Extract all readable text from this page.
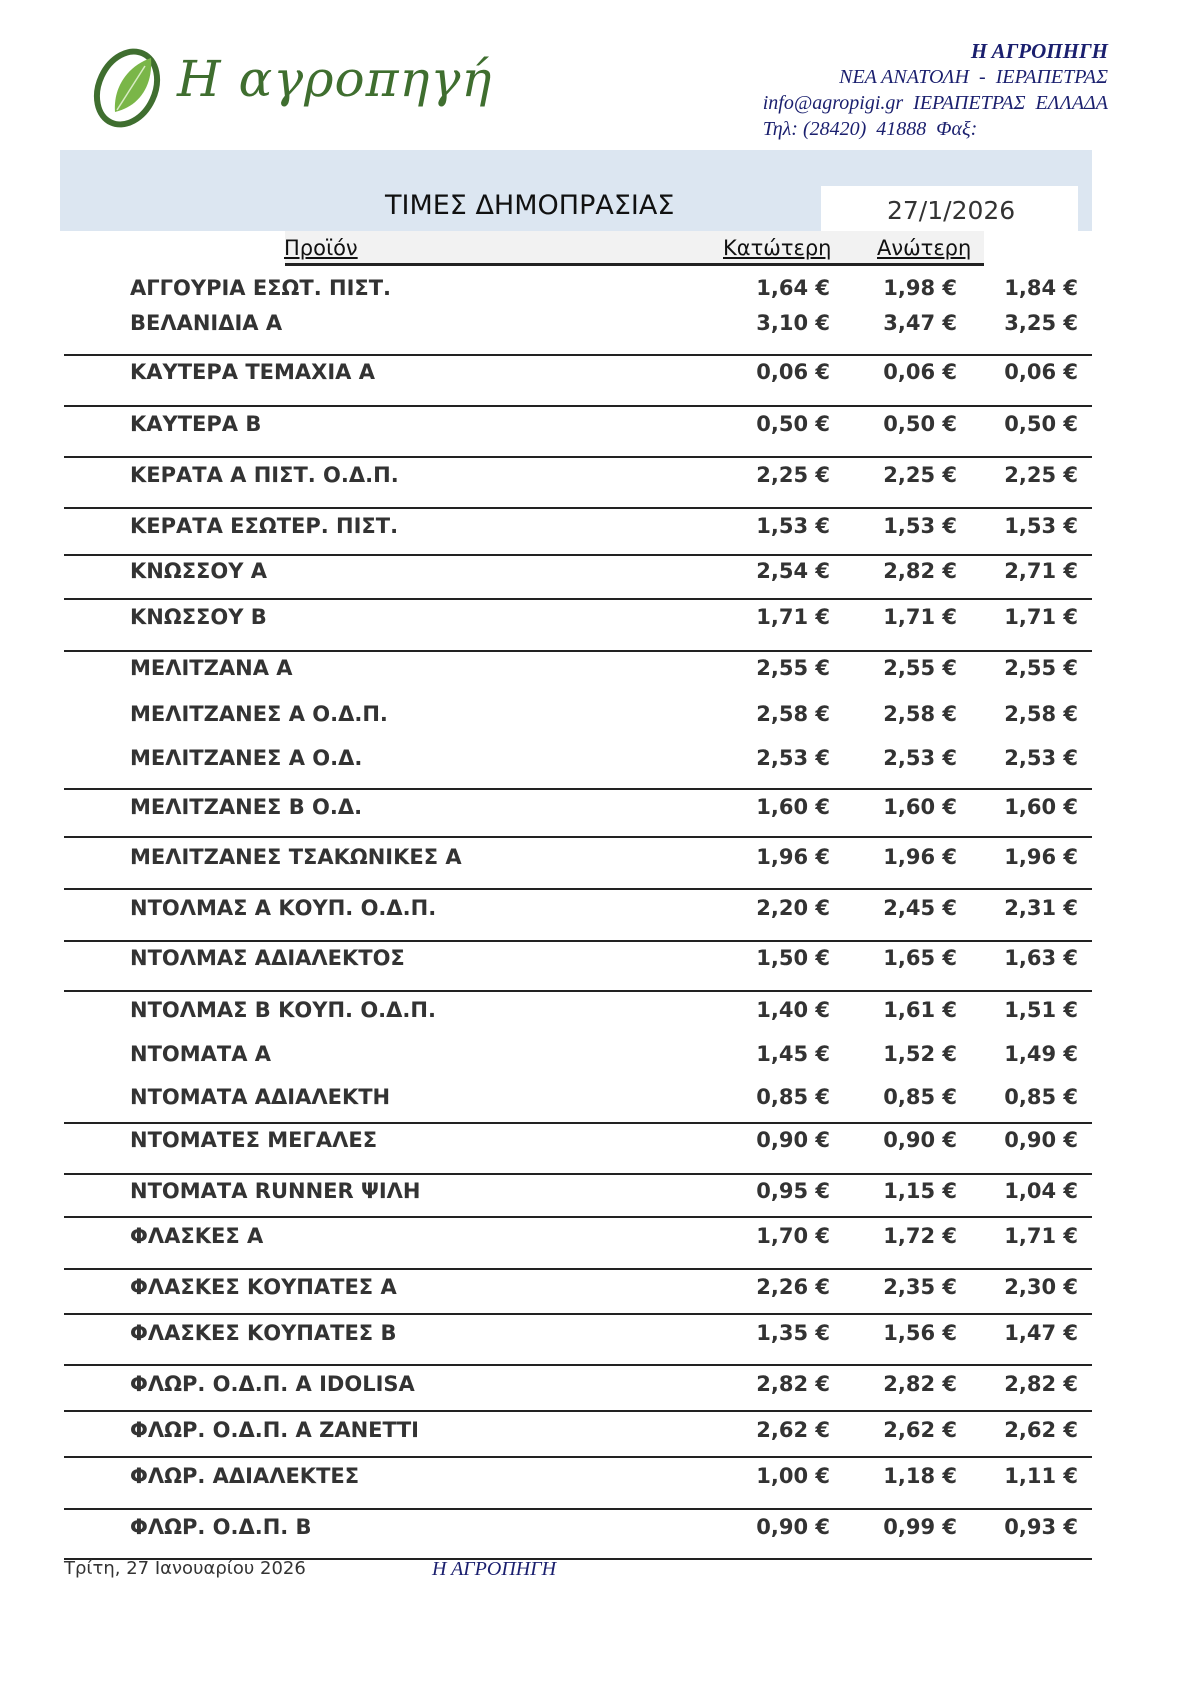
Η αγροπηγή	Η ΑΓΡΟΠΗΓΗ
ΝΕΑ ΑΝΑΤΟΛΗ  -  ΙΕΡΑΠΕΤΡΑΣ
info@agropigi.gr  ΙΕΡΑΠΕΤΡΑΣ  ΕΛΛΑΔΑ
Τηλ: (28420)  41888  Φαξ:
ΤΙΜΕΣ ΔΗΜΟΠΡΑΣΙΑΣ	27/1/2026
Προϊόν	Κατώτερη Ανώτερη
ΑΓΓΟΥΡΙΑ ΕΣΩΤ. ΠΙΣΤ.	1,64 €	1,98 €	1,84 €
ΒΕΛΑΝΙΔΙΑ Α	3,10 €	3,47 €	3,25 €
ΚΑΥΤΕΡΑ ΤΕΜΑΧΙΑ Α	0,06 €	0,06 €	0,06 €
ΚΑΥΤΕΡΑ Β	0,50 €	0,50 €	0,50 €
ΚΕΡΑΤΑ Α ΠΙΣΤ. Ο.Δ.Π.	2,25 €	2,25 €	2,25 €
ΚΕΡΑΤΑ ΕΣΩΤΕΡ. ΠΙΣΤ.	1,53 €	1,53 €	1,53 €
ΚΝΩΣΣΟΥ Α	2,54 €	2,82 €	2,71 €
ΚΝΩΣΣΟΥ Β	1,71 €	1,71 €	1,71 €
ΜΕΛΙΤΖΑΝΑ Α	2,55 €	2,55 €	2,55 €
ΜΕΛΙΤΖΑΝΕΣ Α Ο.Δ.Π.	2,58 €	2,58 €	2,58 €
ΜΕΛΙΤΖΑΝΕΣ Α Ο.Δ.	2,53 €	2,53 €	2,53 €
ΜΕΛΙΤΖΑΝΕΣ Β Ο.Δ.	1,60 €	1,60 €	1,60 €
ΜΕΛΙΤΖΑΝΕΣ ΤΣΑΚΩΝΙΚΕΣ Α	1,96 €	1,96 €	1,96 €
ΝΤΟΛΜΑΣ Α ΚΟΥΠ. Ο.Δ.Π.	2,20 €	2,45 €	2,31 €
ΝΤΟΛΜΑΣ ΑΔΙΑΛΕΚΤΟΣ	1,50 €	1,65 €	1,63 €
ΝΤΟΛΜΑΣ Β ΚΟΥΠ. Ο.Δ.Π.	1,40 €	1,61 €	1,51 €
ΝΤΟΜΑΤΑ Α	1,45 €	1,52 €	1,49 €
ΝΤΟΜΑΤΑ ΑΔΙΑΛΕΚΤΗ	0,85 €	0,85 €	0,85 €
ΝΤΟΜΑΤΕΣ ΜΕΓΑΛΕΣ	0,90 €	0,90 €	0,90 €
ΝΤΟΜΑΤΑ RUNNER ΨΙΛΗ	0,95 €	1,15 €	1,04 €
ΦΛΑΣΚΕΣ Α	1,70 €	1,72 €	1,71 €
ΦΛΑΣΚΕΣ ΚΟΥΠΑΤΕΣ Α	2,26 €	2,35 €	2,30 €
ΦΛΑΣΚΕΣ ΚΟΥΠΑΤΕΣ Β	1,35 €	1,56 €	1,47 €
ΦΛΩΡ. Ο.Δ.Π. Α IDOLISA	2,82 €	2,82 €	2,82 €
ΦΛΩΡ. Ο.Δ.Π. Α ΖΑΝΕΤΤΙ	2,62 €	2,62 €	2,62 €
ΦΛΩΡ. ΑΔΙΑΛΕΚΤΕΣ	1,00 €	1,18 €	1,11 €
ΦΛΩΡ. Ο.Δ.Π. Β	0,90 €	0,99 €	0,93 €
Τρίτη, 27 Ιανουαρίου 2026	Η ΑΓΡΟΠΗΓΗ
